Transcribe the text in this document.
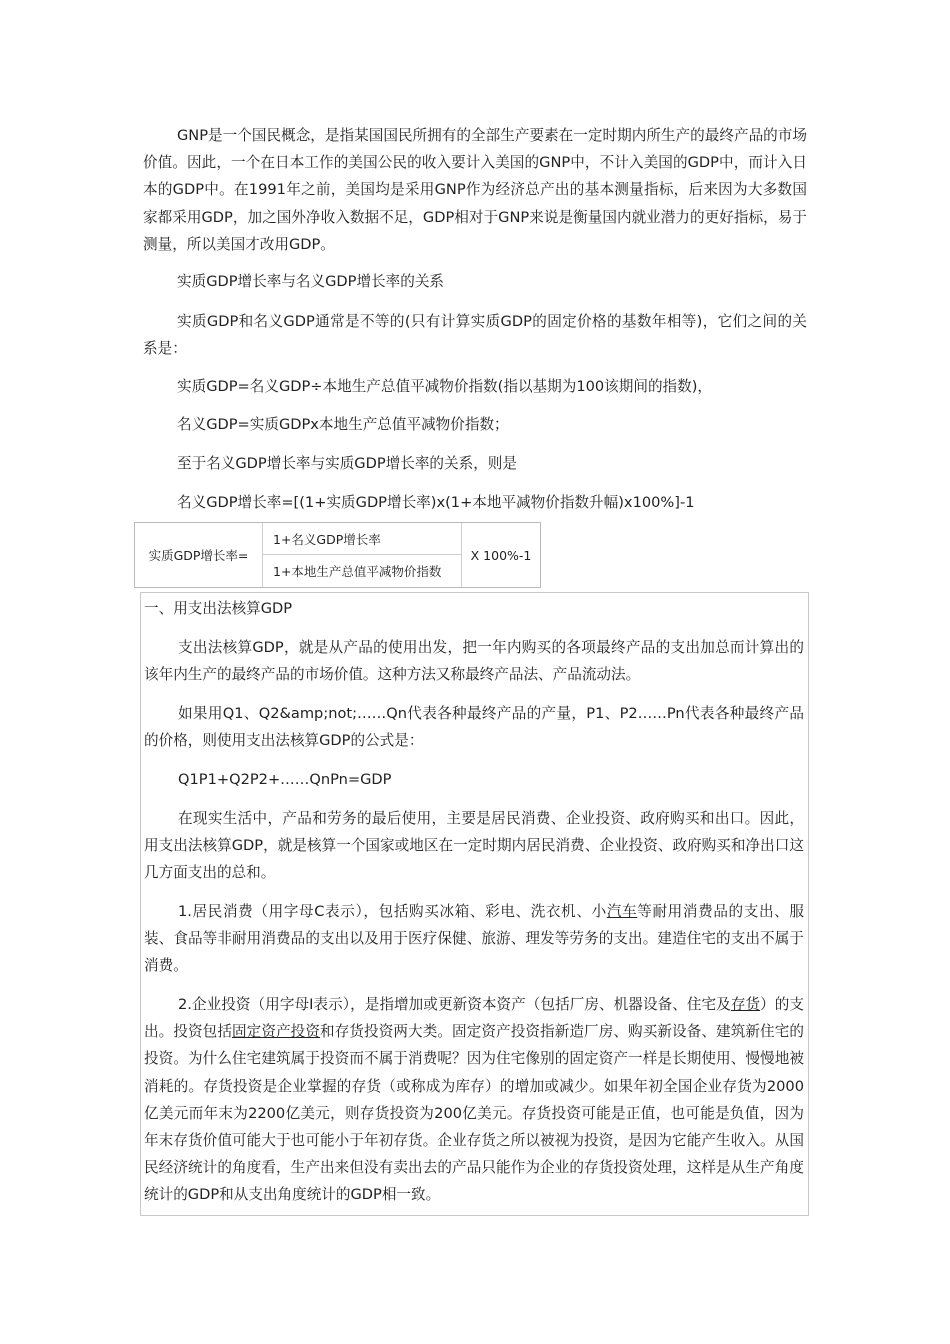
GNP是一个国民概念，是指某国国民所拥有的全部生产要素在一定时期内所生产的最终产品的市场价值。因此，一个在日本工作的美国公民的收入要计入美国的GNP中，不计入美国的GDP中，而计入日本的GDP中。在1991年之前，美国均是采用GNP作为经济总产出的基本测量指标，后来因为大多数国家都采用GDP，加之国外净收入数据不足，GDP相对于GNP来说是衡量国内就业潜力的更好指标，易于测量，所以美国才改用GDP。

实质GDP增长率与名义GDP增长率的关系

实质GDP和名义GDP通常是不等的(只有计算实质GDP的固定价格的基数年相等)，它们之间的关系是：

实质GDP=名义GDP÷本地生产总值平减物价指数(指以基期为100该期间的指数)，

名义GDP=实质GDPx本地生产总值平减物价指数；

至于名义GDP增长率与实质GDP增长率的关系，则是

名义GDP增长率=[(1+实质GDP增长率)x(1+本地平减物价指数升幅)x100%]-1

实质GDP增长率=
1+名义GDP增长率
1+本地生产总值平减物价指数
X 100%-1

一、用支出法核算GDP

支出法核算GDP，就是从产品的使用出发，把一年内购买的各项最终产品的支出加总而计算出的该年内生产的最终产品的市场价值。这种方法又称最终产品法、产品流动法。

如果用Q1、Q2&amp;not;……Qn代表各种最终产品的产量，P1、P2……Pn代表各种最终产品的价格，则使用支出法核算GDP的公式是：

Q1P1+Q2P2+……QnPn=GDP

在现实生活中，产品和劳务的最后使用，主要是居民消费、企业投资、政府购买和出口。因此，用支出法核算GDP，就是核算一个国家或地区在一定时期内居民消费、企业投资、政府购买和净出口这几方面支出的总和。

1.居民消费（用字母C表示），包括购买冰箱、彩电、洗衣机、小汽车等耐用消费品的支出、服装、食品等非耐用消费品的支出以及用于医疗保健、旅游、理发等劳务的支出。建造住宅的支出不属于消费。

2.企业投资（用字母I表示），是指增加或更新资本资产（包括厂房、机器设备、住宅及存货）的支出。投资包括固定资产投资和存货投资两大类。固定资产投资指新造厂房、购买新设备、建筑新住宅的投资。为什么住宅建筑属于投资而不属于消费呢？因为住宅像别的固定资产一样是长期使用、慢慢地被消耗的。存货投资是企业掌握的存货（或称成为库存）的增加或减少。如果年初全国企业存货为2000亿美元而年末为2200亿美元，则存货投资为200亿美元。存货投资可能是正值，也可能是负值，因为年末存货价值可能大于也可能小于年初存货。企业存货之所以被视为投资，是因为它能产生收入。从国民经济统计的角度看，生产出来但没有卖出去的产品只能作为企业的存货投资处理，这样是从生产角度统计的GDP和从支出角度统计的GDP相一致。
